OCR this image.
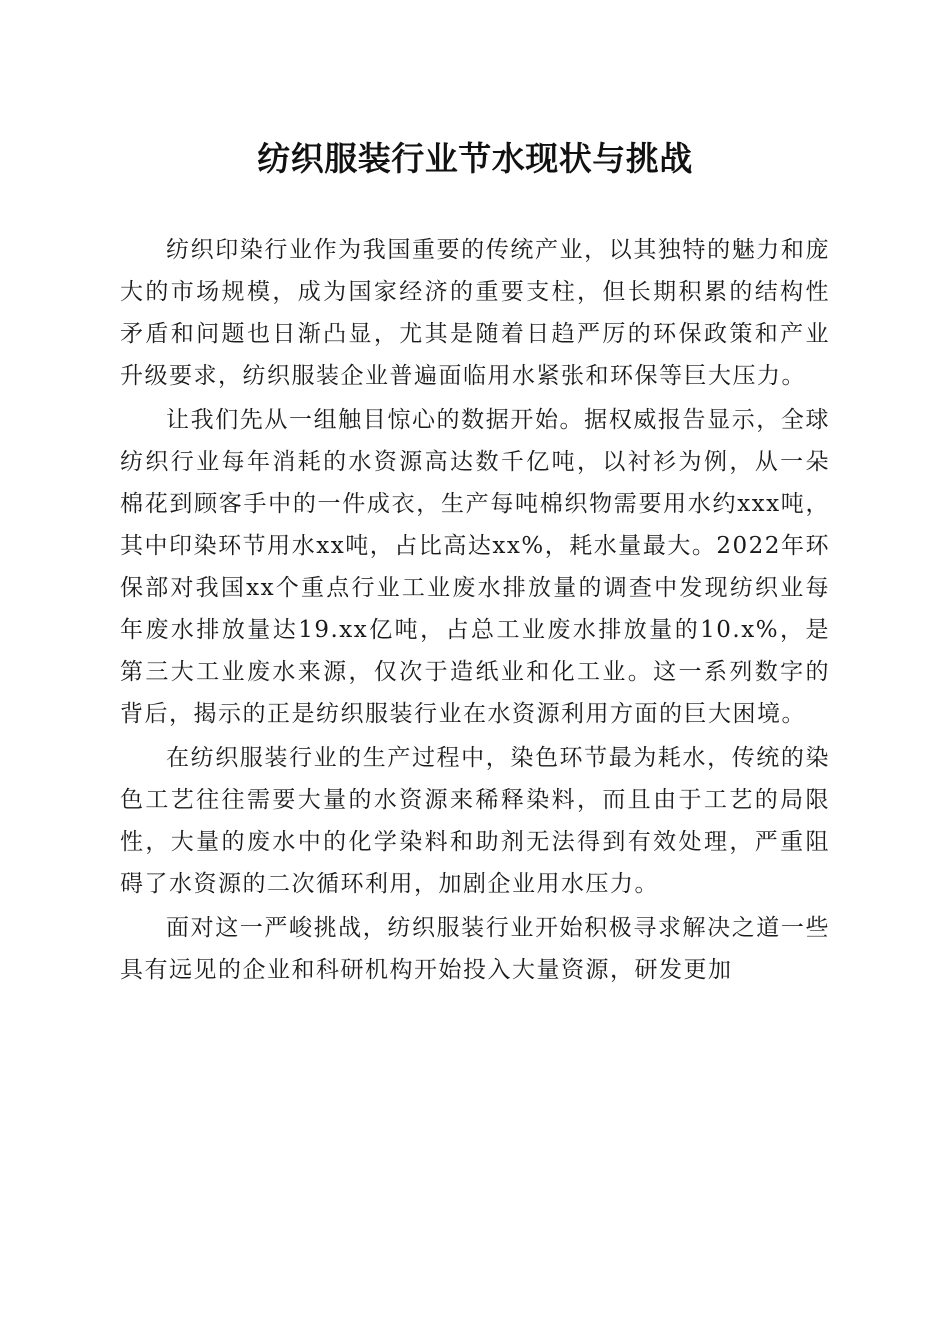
纺织服装行业节水现状与挑战

纺织印染行业作为我国重要的传统产业，以其独特的魅力和庞大的市场规模，成为国家经济的重要支柱，但长期积累的结构性矛盾和问题也日渐凸显，尤其是随着日趋严厉的环保政策和产业升级要求，纺织服装企业普遍面临用水紧张和环保等巨大压力。

让我们先从一组触目惊心的数据开始。据权威报告显示，全球纺织行业每年消耗的水资源高达数千亿吨，以衬衫为例，从一朵棉花到顾客手中的一件成衣，生产每吨棉织物需要用水约xxx吨，其中印染环节用水xx吨，占比高达xx%，耗水量最大。2022年环保部对我国xx个重点行业工业废水排放量的调查中发现纺织业每年废水排放量达19.xx亿吨，占总工业废水排放量的10.x%，是第三大工业废水来源，仅次于造纸业和化工业。这一系列数字的背后，揭示的正是纺织服装行业在水资源利用方面的巨大困境。

在纺织服装行业的生产过程中，染色环节最为耗水，传统的染色工艺往往需要大量的水资源来稀释染料，而且由于工艺的局限性，大量的废水中的化学染料和助剂无法得到有效处理，严重阻碍了水资源的二次循环利用，加剧企业用水压力。

面对这一严峻挑战，纺织服装行业开始积极寻求解决之道一些具有远见的企业和科研机构开始投入大量资源，研发更加
